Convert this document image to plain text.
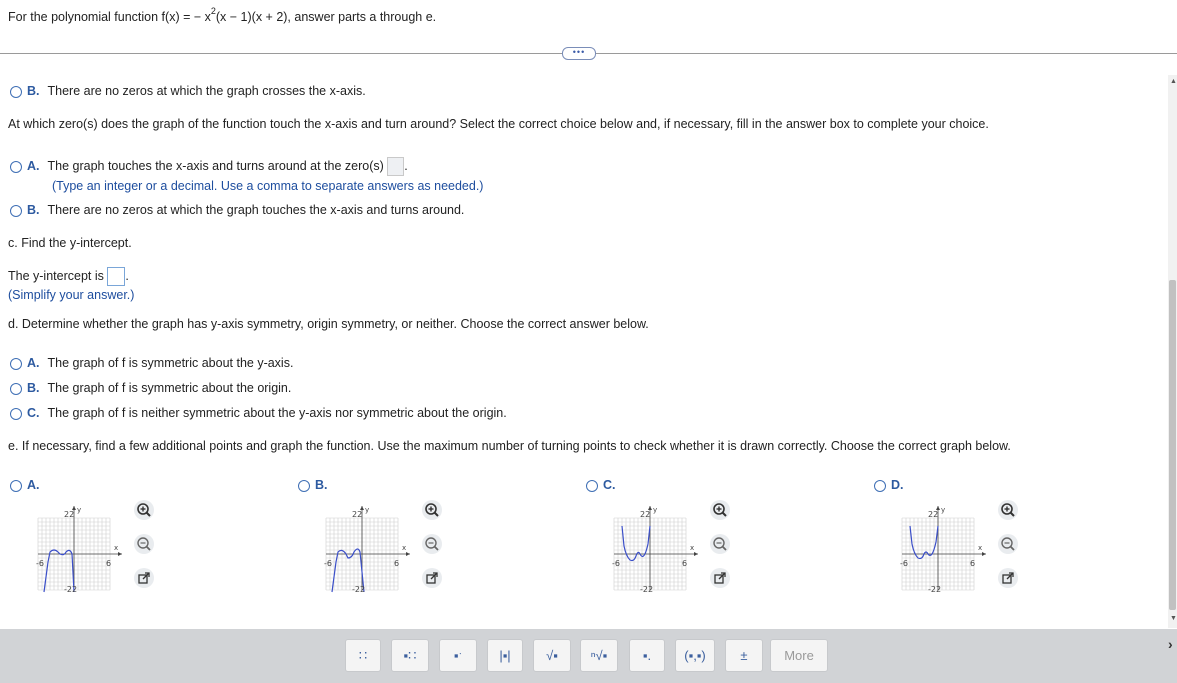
For the polynomial function f(x) = − $x^2(x - 1)(x + 2)$, answer parts a through e.
•••
B. There are no zeros at which the graph crosses the x-axis.
At which zero(s) does the graph of the function touch the x-axis and turn around? Select the correct choice below and, if necessary, fill in the answer box to complete your choice.
A. The graph touches the x-axis and turns around at the zero(s) .
(Type an integer or a decimal. Use a comma to separate answers as needed.)
B. There are no zeros at which the graph touches the x-axis and turns around.
c. Find the y-intercept.
The y-intercept is .
(Simplify your answer.)
d. Determine whether the graph has y-axis symmetry, origin symmetry, or neither. Choose the correct answer below.
A. The graph of f is symmetric about the y-axis.
B. The graph of f is symmetric about the origin.
C. The graph of f is neither symmetric about the y-axis nor symmetric about the origin.
e. If necessary, find a few additional points and graph the function. Use the maximum number of turning points to check whether it is drawn correctly. Choose the correct graph below.
A.
22
-22
-6	6
x
y
B.
22
-22
-6	6
x
y
C.
22
-22
-6	6
x
y
D.
22
-22
-6	6
x
y
▲
▼
∷	▪∷	▪ˑ	|▪|	√▪	ⁿ√▪	▪.	(▪,▪)	±	More
›
